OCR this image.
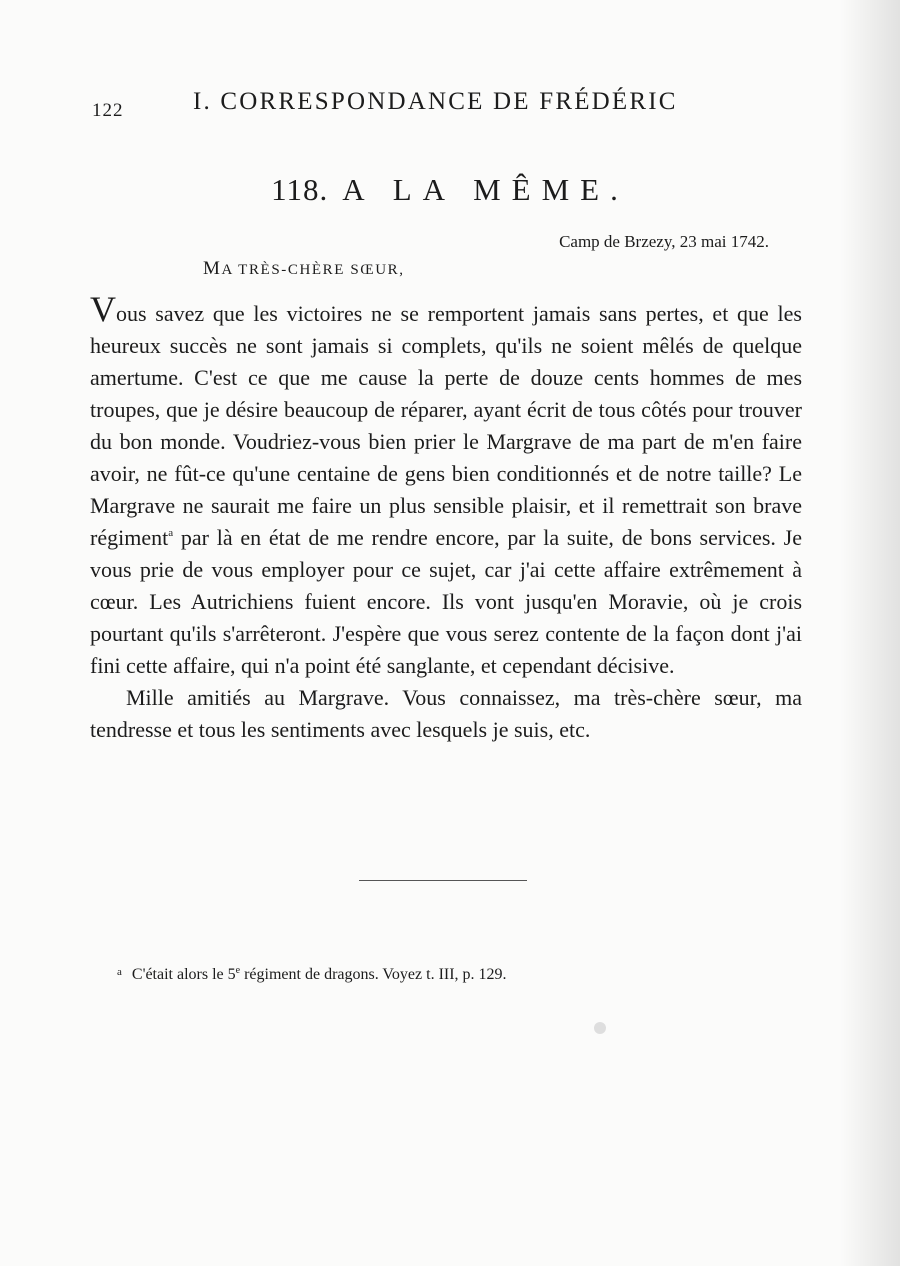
122	I. CORRESPONDANCE DE FRÉDÉRIC
118. A LA MÊME.
Camp de Brzezy, 23 mai 1742.
MA TRÈS-CHÈRE SŒUR,

Vous savez que les victoires ne se remportent jamais sans pertes, et que les heureux succès ne sont jamais si complets, qu'ils ne soient mêlés de quelque amertume. C'est ce que me cause la perte de douze cents hommes de mes troupes, que je désire beaucoup de réparer, ayant écrit de tous côtés pour trouver du bon monde. Voudriez-vous bien prier le Margrave de ma part de m'en faire avoir, ne fût-ce qu'une centaine de gens bien conditionnés et de notre taille? Le Margrave ne saurait me faire un plus sensible plaisir, et il remettrait son brave régiment$^a$ par là en état de me rendre encore, par la suite, de bons services. Je vous prie de vous employer pour ce sujet, car j'ai cette affaire extrêmement à cœur. Les Autrichiens fuient encore. Ils vont jusqu'en Moravie, où je crois pourtant qu'ils s'arrêteront. J'espère que vous serez contente de la façon dont j'ai fini cette affaire, qui n'a point été sanglante, et cependant décisive.

Mille amitiés au Margrave. Vous connaissez, ma très-chère sœur, ma tendresse et tous les sentiments avec lesquels je suis, etc.

$^a$ C'était alors le 5e régiment de dragons. Voyez t. III, p. 129.
